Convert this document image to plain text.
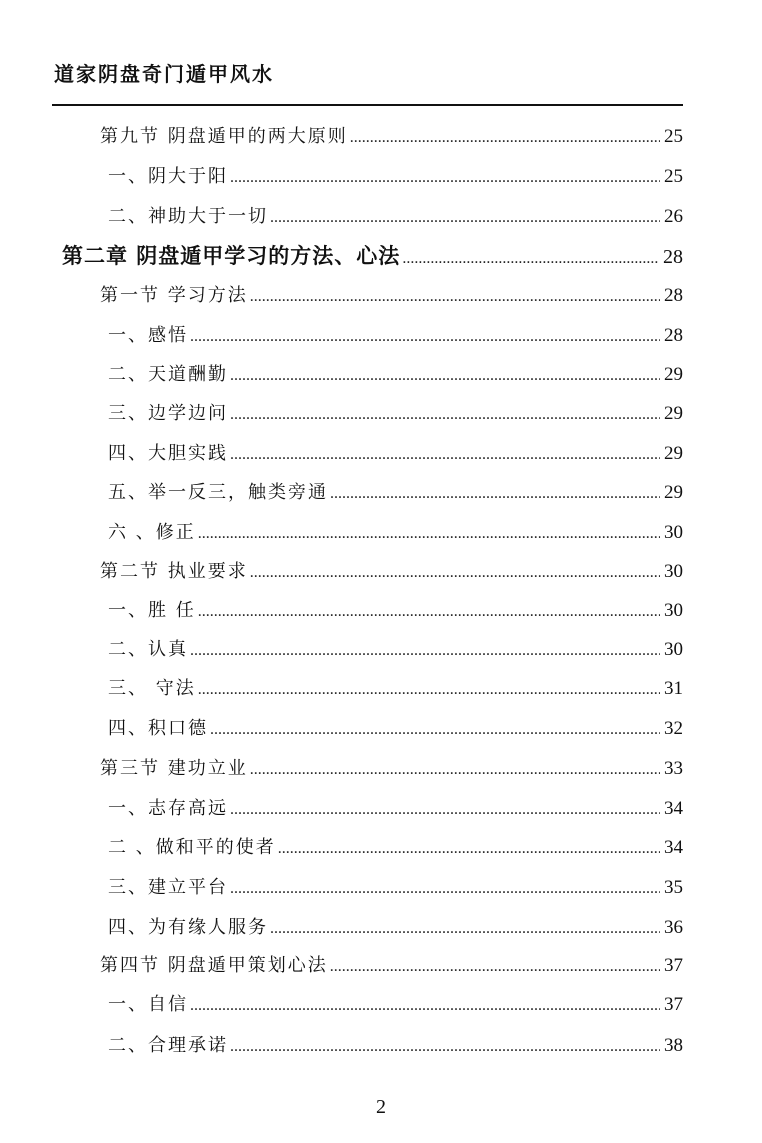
道家阴盘奇门遁甲风水
第九节 阴盘遁甲的两大原则 .....	25
一、阴大于阳 .....	25
二、神助大于一切 .....	26
第二章 阴盘遁甲学习的方法、心法 .....	28
第一节 学习方法 .....	28
一、感悟 .....	28
二、天道酬勤 .....	29
三、边学边问 .....	29
四、大胆实践 .....	29
五、举一反三，触类旁通 .....	29
六 、修正 .....	30
第二节 执业要求 .....	30
一、胜 任 .....	30
二、认真 .....	30
三、 守法 .....	31
四、积口德 .....	32
第三节 建功立业 .....	33
一、志存高远 .....	34
二 、做和平的使者 .....	34
三、建立平台 .....	35
四、为有缘人服务 .....	36
第四节 阴盘遁甲策划心法 .....	37
一、自信 .....	37
二、合理承诺 .....	38
2
